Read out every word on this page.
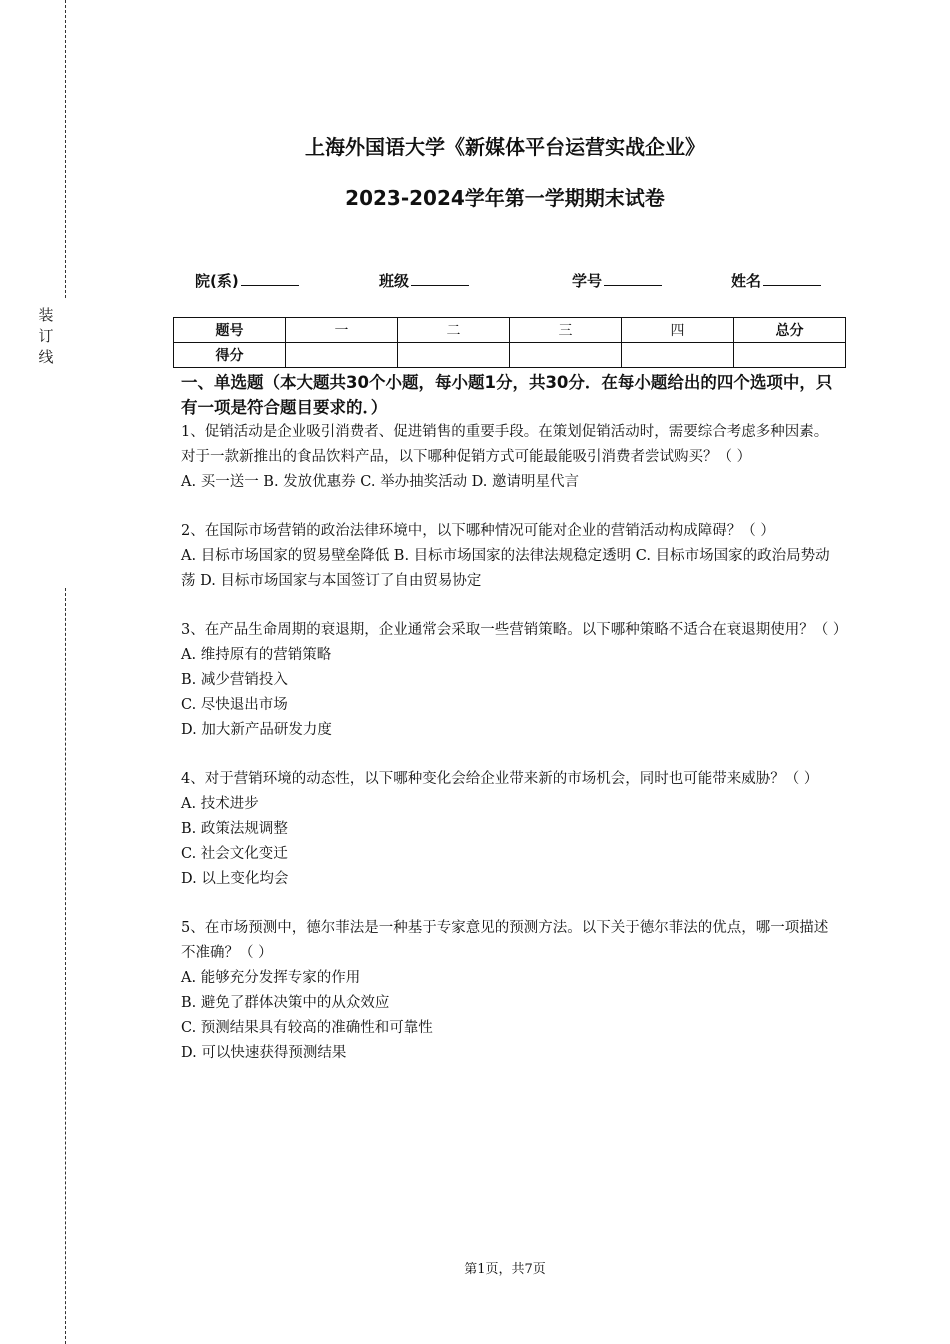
装
订
线
上海外国语大学《新媒体平台运营实战企业》
2023-2024学年第一学期期末试卷
院(系)	班级	学号	姓名
题号	一	二	三	四	总分
得分					
一、单选题（本大题共30个小题，每小题1分，共30分．在每小题给出的四个选项中，只有一项是符合题目要求的．）

1、促销活动是企业吸引消费者、促进销售的重要手段。在策划促销活动时，需要综合考虑多种因素。对于一款新推出的食品饮料产品，以下哪种促销方式可能最能吸引消费者尝试购买？（ ）

A. 买一送一 B. 发放优惠券 C. 举办抽奖活动 D. 邀请明星代言

2、在国际市场营销的政治法律环境中，以下哪种情况可能对企业的营销活动构成障碍？（ ）

A. 目标市场国家的贸易壁垒降低 B. 目标市场国家的法律法规稳定透明 C. 目标市场国家的政治局势动荡 D. 目标市场国家与本国签订了自由贸易协定

3、在产品生命周期的衰退期，企业通常会采取一些营销策略。以下哪种策略不适合在衰退期使用？（ ）

A. 维持原有的营销策略

B. 减少营销投入

C. 尽快退出市场

D. 加大新产品研发力度

4、对于营销环境的动态性，以下哪种变化会给企业带来新的市场机会，同时也可能带来威胁？（ ）

A. 技术进步

B. 政策法规调整

C. 社会文化变迁

D. 以上变化均会

5、在市场预测中，德尔菲法是一种基于专家意见的预测方法。以下关于德尔菲法的优点，哪一项描述不准确？（ ）

A. 能够充分发挥专家的作用

B. 避免了群体决策中的从众效应

C. 预测结果具有较高的准确性和可靠性

D. 可以快速获得预测结果

第1页，共7页
